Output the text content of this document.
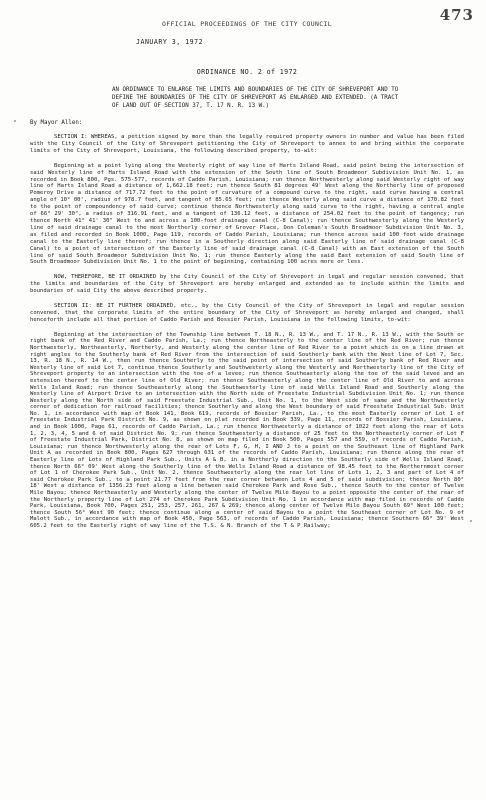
473
OFFICIAL PROCEEDINGS OF THE CITY COUNCIL
JANUARY 3, 1972
ORDINANCE NO. 2 of 1972
AN ORDINANCE TO ENLARGE THE LIMITS AND BOUNDARIES OF THE CITY OF SHREVEPORT AND TO DEFINE THE BOUNDARIES OF THE CITY OF SHREVEPORT AS ENLARGED AND EXTENDED. (A TRACT OF LAND OUT OF SECTION 37, T. 17 N. R. 13 W.)
By Mayor Allen:

SECTION I: WHEREAS, a petition signed by more than the legally required property owners in number and value has been filed with the City Council of the City of Shreveport petitioning the City of Shreveport to annex to and bring within the corporate limits of the City of Shreveport, Louisiana, the following described property, to-wit:

Beginning at a point lying along the Westerly right of way line of Harts Island Road, said point being the intersection of said Westerly line of Harts Island Road with the extension of the South line of South Broadmoor Subdivision Unit No. 1, as recorded in Book 800, Pgs. 575-577, records of Caddo Parish, Louisiana; run thence Northwesterly along said Westerly right of way line of Harts Island Road a distance of 1,662.18 feet; run thence South 81 degrees 49' West along the Northerly line of proposed Pomeroy Drive a distance of 717.72 feet to the point of curvature of a compound curve to the right, said curve having a central angle of 10° 00', radius of 978.7 feet, and tangent of 85.65 feet; run thence Westerly along said curve a distance of 170.82 feet to the point of compoundency of said curve; continue thence Northwesterly along said curve to the right, having a central angle of 66° 29' 30", a radius of 316.91 feet, and a tangent of 136.12 feet, a distance of 254.02 feet to the point of tangency; run thence North 41° 41' 30" West to and across a 100-foot drainage canal (C-8 Canal); run thence Southwesterly along the Westerly line of said drainage canal to the most Northerly corner of Grover Place, Don Coleman's South Broadmoor Subdivision Unit No. 3, as filed and recorded in Book 1000, Page 119, records of Caddo Parish, Louisiana; run thence across said 100 foot wide drainage canal to the Easterly line thereof; run thence in a Southerly direction along said Easterly line of said drainage canal (C-8 Canal) to a point of intersection of the Easterly line of said drainage canal (C-8 Canal) with an East extension of the South line of said South Broadmoor Subdivision Unit No. 1; run thence Easterly along the said East extension of said South line of South Broadmoor Subdivision Unit No. 1 to the point of beginning, containing 100 acres more or less.

NOW, THEREFORE, BE IT ORDAINED by the City Council of the City of Shreveport in legal and regular session convened, that the limits and boundaries of the City of Shreveport are hereby enlarged and extended as to include within the limits and boundaries of said City the above described property.

SECTION II: BE IT FURTHER ORDAINED, etc., by the City Council of the City of Shreveport in legal and regular session convened, that the corporate limits of the entire boundary of the City of Shreveport as hereby enlarged and changed, shall henceforth include all that portion of Caddo Parish and Bossier Parish, Louisiana in the following limits, to-wit:

Beginning at the intersection of the Township line between T. 18 N., R. 13 W., and T. 17 N., R. 13 W., with the South or right bank of the Red River and Caddo Parish, La.; run thence Northeasterly to the center line of the Red River; run thence Northwesterly, Northeasterly, Northerly, and Westerly along the center line of Red River to a point which is on a line drawn at right angles to the Southerly bank of Red River from the intersection of said Southerly bank with the West line of Lot 7, Sec. 13, R. 18 N., R. 14 W., then run thence Southerly to the said point of intersection of said Southerly bank of Red River and Westerly line of said Lot 7, continue thence Southerly and Southwesterly along the Westerly and Northwesterly line of the City of Shreveport property to an intersection with the toe of a levee; run thence Southeasterly along the toe of the said levee and an extension thereof to the center line of Old River; run thence Southeasterly along the center line of Old River to and across Wells Island Road; run thence Southeasterly along the Southwesterly line of said Wells Island Road and Southerly along the Westerly line of Airport Drive to an intersection with the North side of Freestate Industrial Subdivision Unit No. 1; run thence Westerly along the North side of said Freestate Industrial Sub., Unit No. 1, to the West side of same and the Northwesterly corner of dedication for railroad facilities; thence Southerly and along the West boundary of said Freestate Industrial Sub. Unit No. 1, in accordance with map of Book 141, Book 619, records of Bossier Parish, La., to the most Easterly corner of Lot 1 of Freestate Industrial Park District No. 9, as shown on plat recorded in Book 339, Page 11, records of Bossier Parish, Louisiana, and in Book 1000, Page 61, records of Caddo Parish, La.; run thence Northwesterly a distance of 1022 feet along the rear of Lots 1, 2, 3, 4, 5 and 6 of said District No. 9; run thence Southwesterly a distance of 25 feet to the Northeasterly corner of Lot F of Freestate Industrial Park, District No. 8, as shown on map filed in Book 500, Pages 557 and 559, of records of Caddo Parish, Louisiana; run thence Northwesterly along the rear of Lots F, G, H, I AND J to a point on the Southeast line of Highland Park Unit A as recorded in Book 800, Pages 627 through 631 of the records of Caddo Parish, Louisiana; run thence along the rear of Easterly line of Lots of Highland Park Sub., Units A & B, in a Northerly direction to the Southerly side of Wells Island Road, thence North 66° 09' West along the Southerly line of the Wells Island Road a distance of 98.45 feet to the Northernmost corner of Lot 1 of Cherokee Park Sub., Unit No. 2, thence Southwesterly along the rear lot line of Lots 1, 2, 3 and part of Lot 4 of said Cherokee Park Sub., to a point 21.77 feet from the rear corner between Lots 4 and 5 of said subdivision; thence North 80° 18' West a distance of 1356.23 feet along a line between said Cherokee Park and Rose Sub., thence South to the center of Twelve Mile Bayou; thence Northeasterly and Westerly along the center of Twelve Mile Bayou to a point opposite the center of the rear of the Northerly property line of Lot 274 of Cherokee Park Subdivision Unit No. 1 in accordance with map filed in records of Caddo Park, Louisiana, Book 700, Pages 251, 253, 257, 261, 267 & 269; thence along center of Twelve Mile Bayou South 69° West 100 feet; thence South 56° West 90 feet; thence continue along a center of said Bayou to a point the Southeast corner of Lot No. 9 of Malott Sub., in accordance with map of Book 450, Page 563, of records of Caddo Parish, Louisiana; thence Southern 66° 39' West 605.2 feet to the Easterly right of way line of the T.S. & N. Branch of the T & P Railway;
